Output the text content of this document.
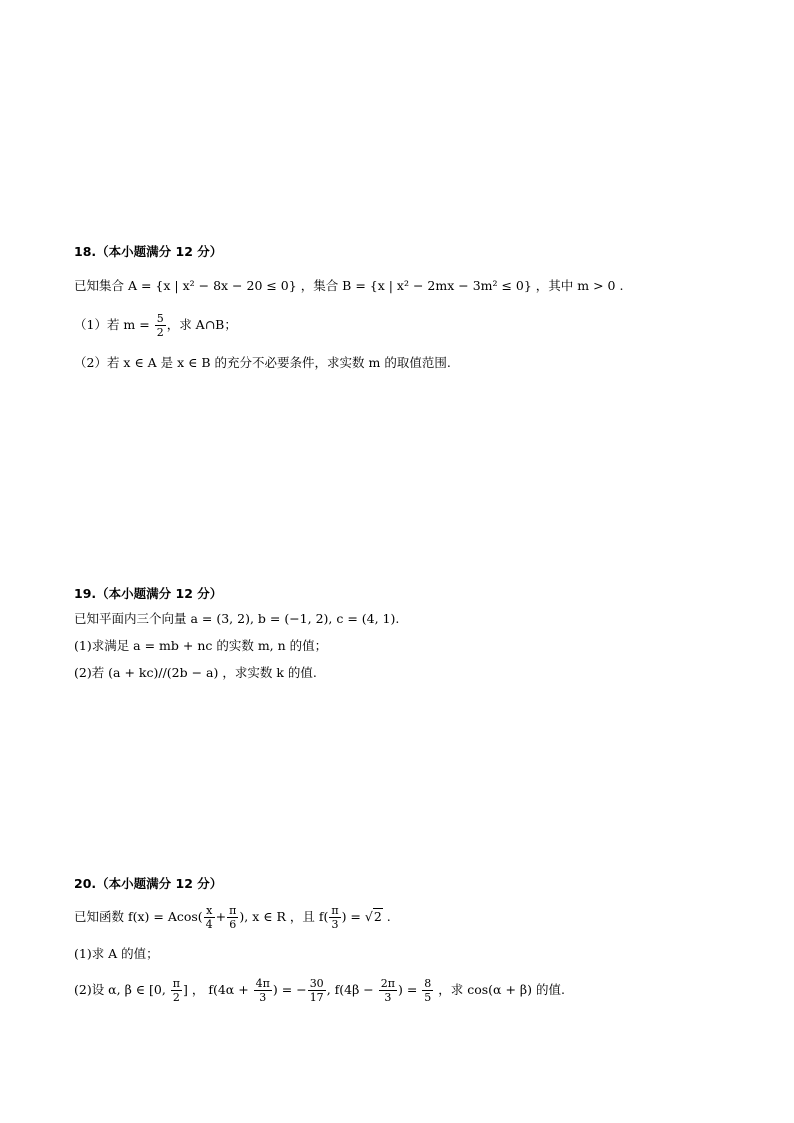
18.（本小题满分 12 分）
已知集合 A = {x | x² − 8x − 20 ≤ 0} ，集合 B = {x | x² − 2mx − 3m² ≤ 0} ，其中 m > 0 .
（1）若 $m = \frac{5}{2}$ ，求 A∩B；
（2）若 x ∈ A 是 x ∈ B 的充分不必要条件，求实数 m 的取值范围.
19.（本小题满分 12 分）
已知平面内三个向量 a = (3, 2), b = (−1, 2), c = (4, 1).
(1)求满足 a = mb + nc 的实数 m, n 的值；
(2)若 (a + kc)//(2b − a) ，求实数 k 的值.
20.（本小题满分 12 分）
已知函数 $f(x) = Acos( \frac{x}{4} + \frac{\pi}{6}$ ), x ∈ R ，且 $f( \frac{\pi}{3}$ ) = √2 .
(1)求 A 的值；
(2)设 α, β ∈ [0, $\frac{\pi}{2}$ ] ， $f(4\alpha + \frac{4\pi}{3}$ ) = − $\frac{30}{17}$ , $f(4\beta - \frac{2\pi}{3}$ ) = $\frac{8}{5}$ ，求 cos(α + β) 的值.
